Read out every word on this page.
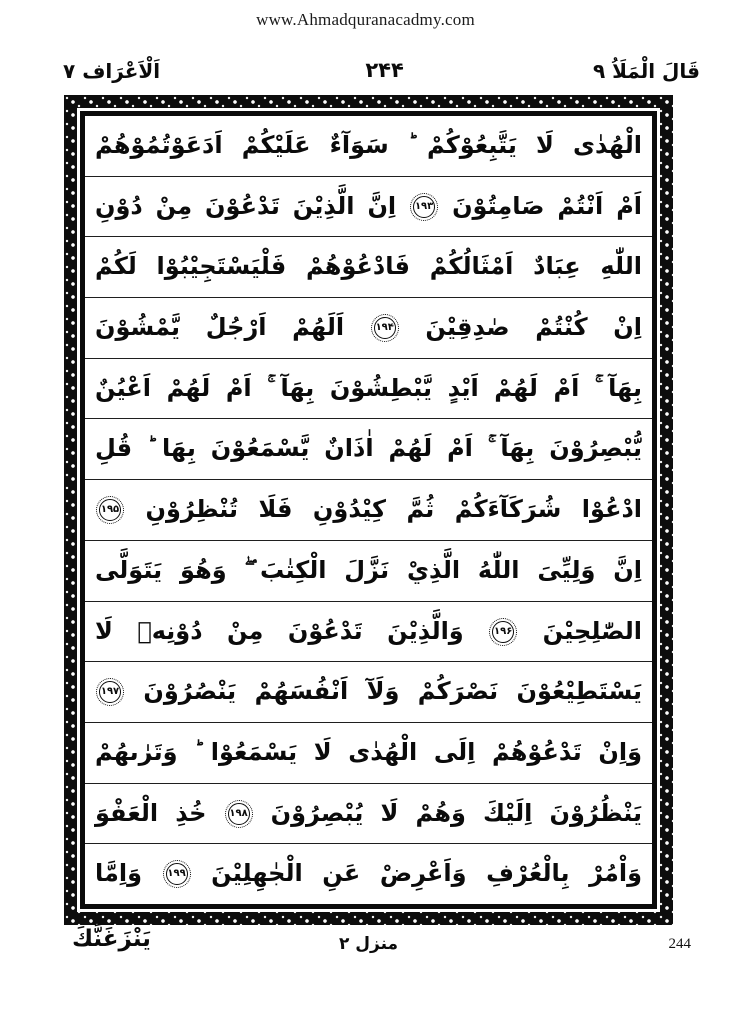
www.Ahmadquranacadmy.com
قَالَ الْمَلَاُ ٩
۲۴۴
اَلْاَعْرَاف ٧
الْهُدٰى لَا يَتَّبِعُوْكُمْ ؕ سَوَآءٌ عَلَيْكُمْ اَدَعَوْتُمُوْهُمْ
اَمْ اَنْتُمْ صَامِتُوْنَ ۱۹۳ اِنَّ الَّذِيْنَ تَدْعُوْنَ مِنْ دُوْنِ
اللّٰهِ عِبَادٌ اَمْثَالُكُمْ فَادْعُوْهُمْ فَلْيَسْتَجِيْبُوْا لَكُمْ
اِنْ كُنْتُمْ صٰدِقِيْنَ ۱۹۴ اَلَهُمْ اَرْجُلٌ يَّمْشُوْنَ
بِهَآ ۚ اَمْ لَهُمْ اَيْدٍ يَّبْطِشُوْنَ بِهَآ ۚ اَمْ لَهُمْ اَعْيُنٌ
يُّبْصِرُوْنَ بِهَآ ۚ اَمْ لَهُمْ اٰذَانٌ يَّسْمَعُوْنَ بِهَا ؕ قُلِ
ادْعُوْا شُرَكَآءَكُمْ ثُمَّ كِيْدُوْنِ فَلَا تُنْظِرُوْنِ ۱۹۵
اِنَّ وَلِيِّىَ اللّٰهُ الَّذِيْ نَزَّلَ الْكِتٰبَ ۖ وَهُوَ يَتَوَلَّى
الصّٰلِحِيْنَ ۱۹۶ وَالَّذِيْنَ تَدْعُوْنَ مِنْ دُوْنِهٖ لَا
يَسْتَطِيْعُوْنَ نَصْرَكُمْ وَلَآ اَنْفُسَهُمْ يَنْصُرُوْنَ ۱۹۷
وَاِنْ تَدْعُوْهُمْ اِلَى الْهُدٰى لَا يَسْمَعُوْا ؕ وَتَرٰىهُمْ
يَنْظُرُوْنَ اِلَيْكَ وَهُمْ لَا يُبْصِرُوْنَ ۱۹۸ خُذِ الْعَفْوَ
وَاْمُرْ بِالْعُرْفِ وَاَعْرِضْ عَنِ الْجٰهِلِيْنَ ۱۹۹ وَاِمَّا
يَنْزَغَنَّكَ	منزل ۲	244
